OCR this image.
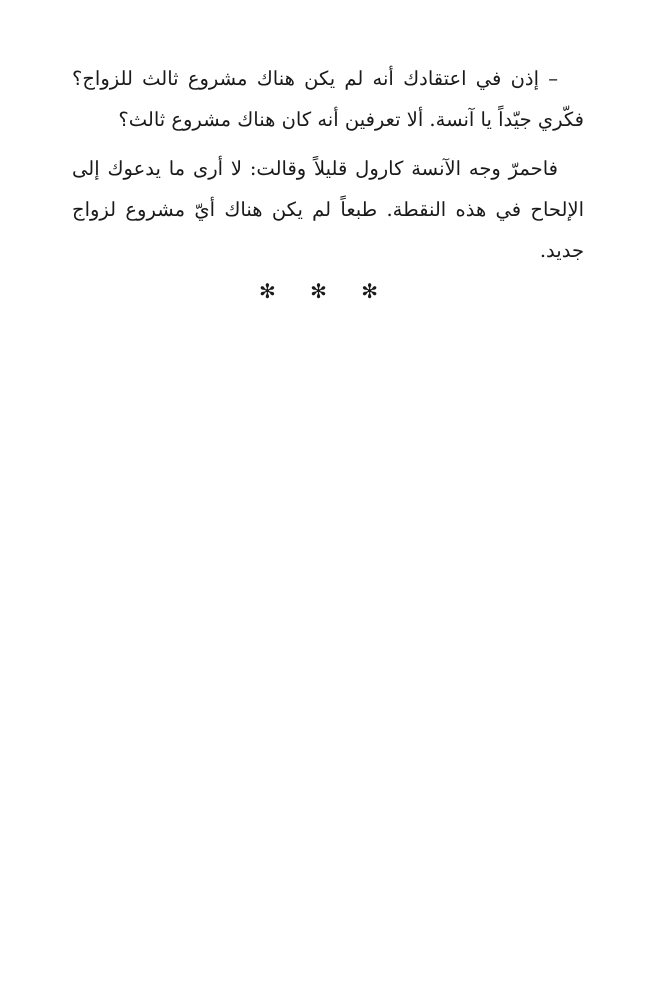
– إذن في اعتقادك أنه لم يكن هناك مشروع ثالث للزواج؟ فكّري جيّداً يا آنسة. ألا تعرفين أنه كان هناك مشروع ثالث؟

فاحمرّ وجه الآنسة كارول قليلاً وقالت: لا أرى ما يدعوك إلى الإلحاح في هذه النقطة. طبعاً لم يكن هناك أيّ مشروع لزواج جديد.

✻ ✻ ✻
